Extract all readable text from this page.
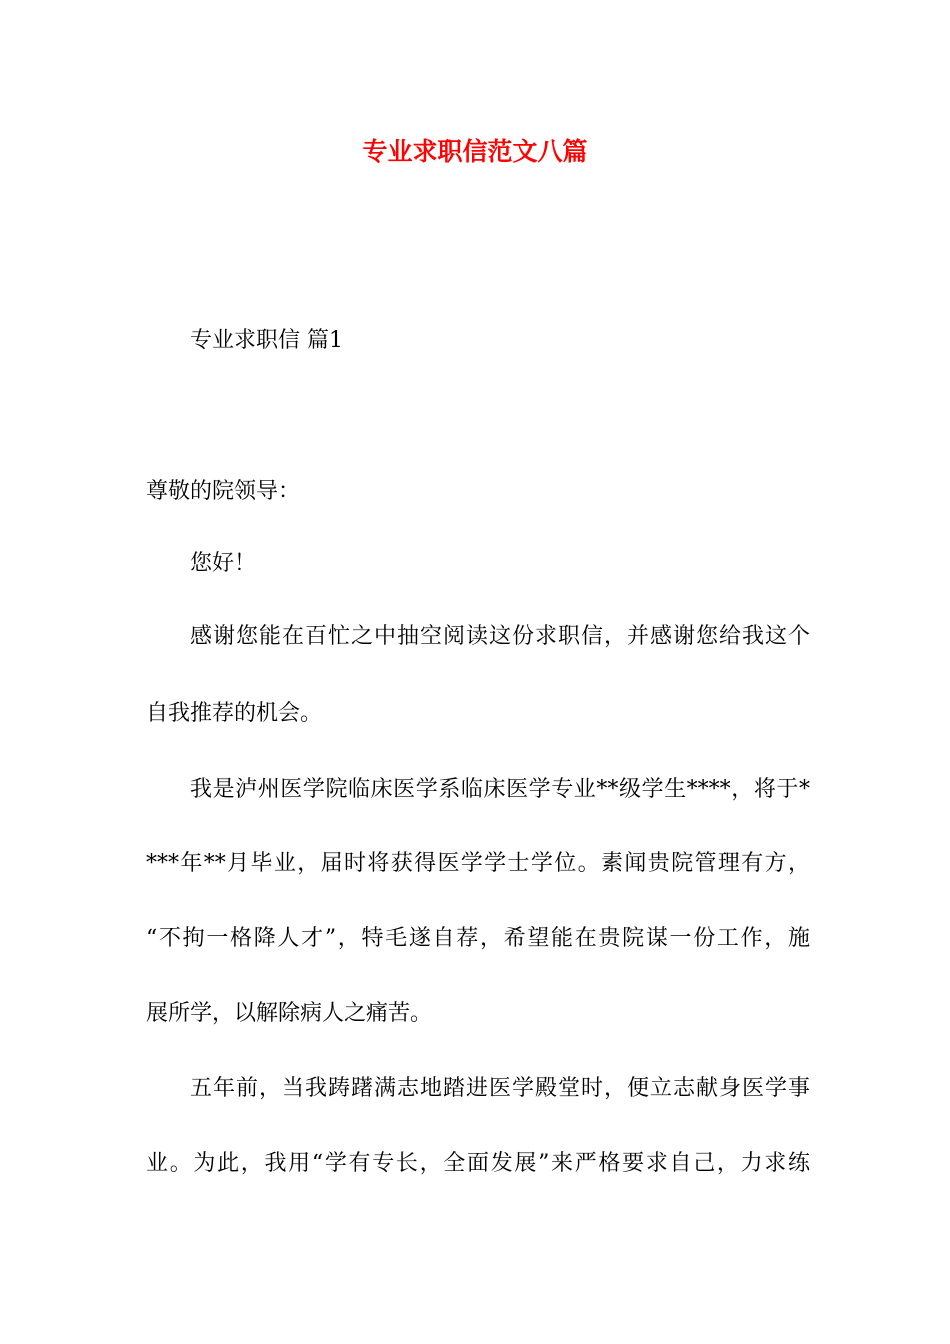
专业求职信范文八篇

专业求职信 篇1

尊敬的院领导：

您好！

感谢您能在百忙之中抽空阅读这份求职信，并感谢您给我这个

自我推荐的机会。

我是泸州医学院临床医学系临床医学专业**级学生****，将于*

***年**月毕业，届时将获得医学学士学位。素闻贵院管理有方，

“不拘一格降人才”，特毛遂自荐，希望能在贵院谋一份工作，施

展所学，以解除病人之痛苦。

五年前，当我踌躇满志地踏进医学殿堂时，便立志献身医学事

业。为此，我用“学有专长，全面发展”来严格要求自己，力求练
